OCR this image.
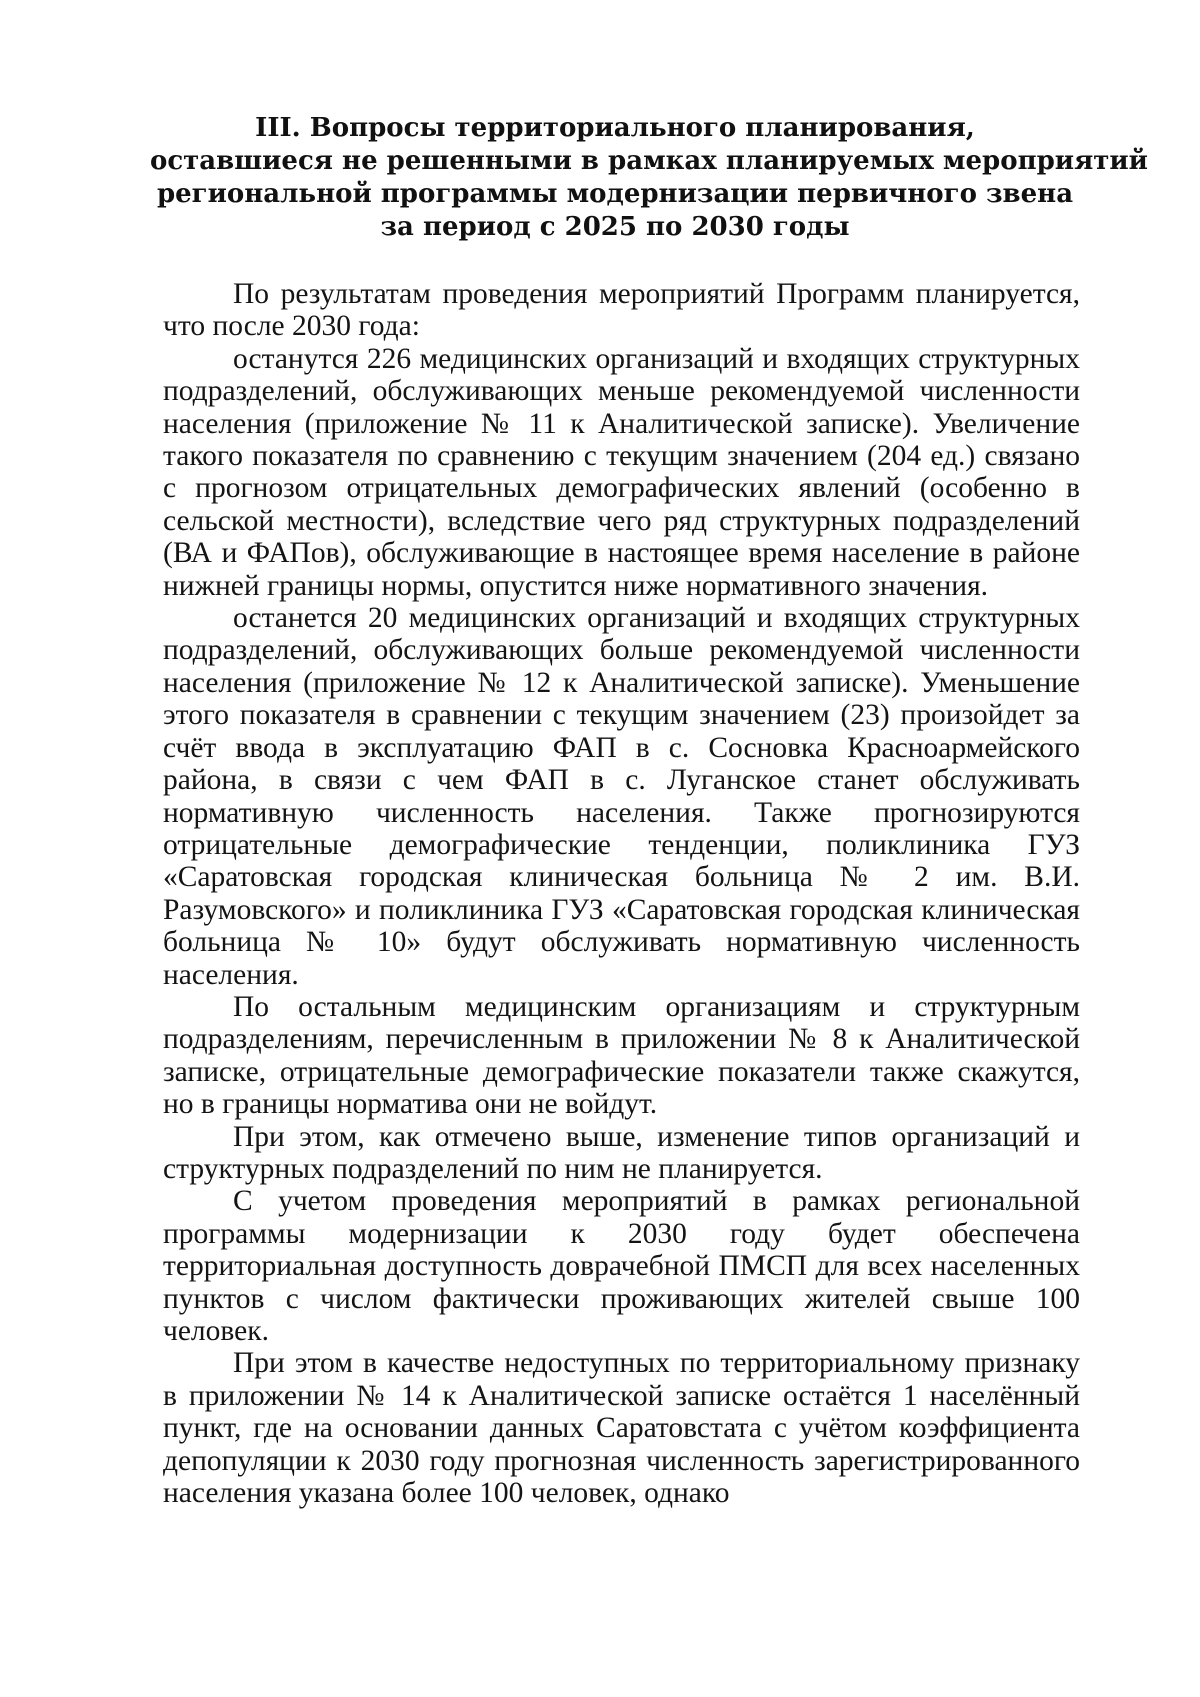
III. Вопросы территориального планирования,
оставшиеся не решенными в рамках планируемых мероприятий
региональной программы модернизации первичного звена
за период с 2025 по 2030 годы

По результатам проведения мероприятий Программ планируется, что после 2030 года:

останутся 226 медицинских организаций и входящих структурных подразделений, обслуживающих меньше рекомендуемой численности населения (приложение № 11 к Аналитической записке). Увеличение такого показателя по сравнению с текущим значением (204 ед.) связано с прогнозом отрицательных демографических явлений (особенно в сельской местности), вследствие чего ряд структурных подразделений (ВА и ФАПов), обслуживающие в настоящее время население в районе нижней границы нормы, опустится ниже нормативного значения.

останется 20 медицинских организаций и входящих структурных подразделений, обслуживающих больше рекомендуемой численности населения (приложение № 12 к Аналитической записке). Уменьшение этого показателя в сравнении с текущим значением (23) произойдет за счёт ввода в эксплуатацию ФАП в с. Сосновка Красноармейского района, в связи с чем ФАП в с. Луганское станет обслуживать нормативную численность населения. Также прогнозируются отрицательные демографические тенденции, поликлиника ГУЗ «Саратовская городская клиническая больница № 2 им. В.И. Разумовского» и поликлиника ГУЗ «Саратовская городская клиническая больница № 10» будут обслуживать нормативную численность населения.

По остальным медицинским организациям и структурным подразделениям, перечисленным в приложении № 8 к Аналитической записке, отрицательные демографические показатели также скажутся, но в границы норматива они не войдут.

При этом, как отмечено выше, изменение типов организаций и структурных подразделений по ним не планируется.

С учетом проведения мероприятий в рамках региональной программы модернизации к 2030 году будет обеспечена территориальная доступность доврачебной ПМСП для всех населенных пунктов с числом фактически проживающих жителей свыше 100 человек.

При этом в качестве недоступных по территориальному признаку в приложении № 14 к Аналитической записке остаётся 1 населённый пункт, где на основании данных Саратовстата с учётом коэффициента депопуляции к 2030 году прогнозная численность зарегистрированного населения указана более 100 человек, однако
